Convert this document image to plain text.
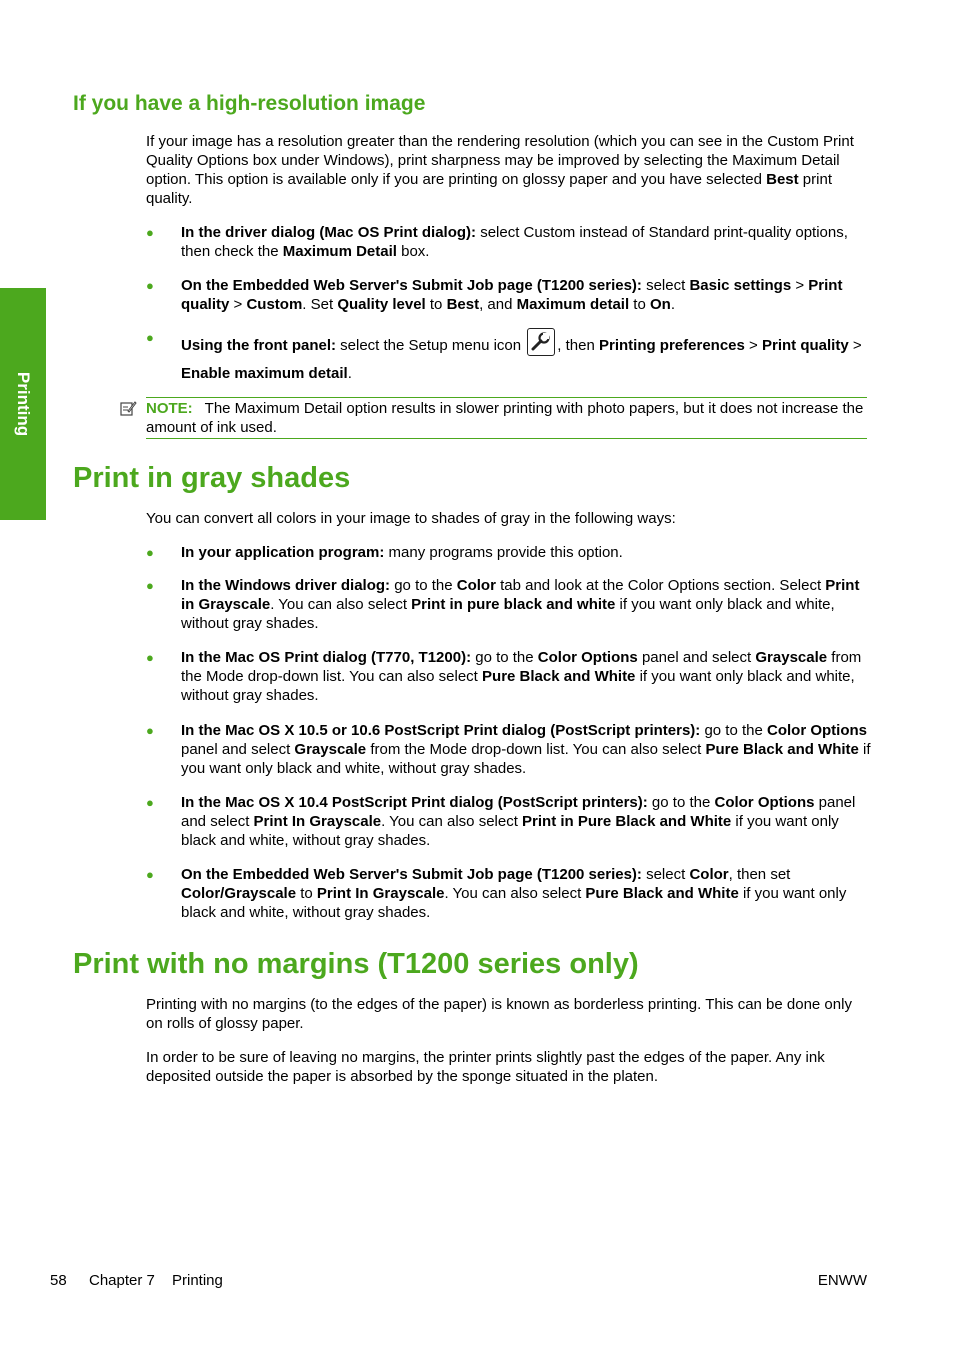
Printing
If you have a high-resolution image

If your image has a resolution greater than the rendering resolution (which you can see in the Custom Print Quality Options box under Windows), print sharpness may be improved by selecting the Maximum Detail option. This option is available only if you are printing on glossy paper and you have selected Best print quality.

● In the driver dialog (Mac OS Print dialog): select Custom instead of Standard print-quality options, then check the Maximum Detail box.

● On the Embedded Web Server's Submit Job page (T1200 series): select Basic settings > Print quality > Custom. Set Quality level to Best, and Maximum detail to On.

● Using the front panel: select the Setup menu icon , then Printing preferences > Print quality > Enable maximum detail.

NOTE: The Maximum Detail option results in slower printing with photo papers, but it does not increase the amount of ink used.

Print in gray shades

You can convert all colors in your image to shades of gray in the following ways:

● In your application program: many programs provide this option.

● In the Windows driver dialog: go to the Color tab and look at the Color Options section. Select Print in Grayscale. You can also select Print in pure black and white if you want only black and white, without gray shades.

● In the Mac OS Print dialog (T770, T1200): go to the Color Options panel and select Grayscale from the Mode drop-down list. You can also select Pure Black and White if you want only black and white, without gray shades.

● In the Mac OS X 10.5 or 10.6 PostScript Print dialog (PostScript printers): go to the Color Options panel and select Grayscale from the Mode drop-down list. You can also select Pure Black and White if you want only black and white, without gray shades.

● In the Mac OS X 10.4 PostScript Print dialog (PostScript printers): go to the Color Options panel and select Print In Grayscale. You can also select Print in Pure Black and White if you want only black and white, without gray shades.

● On the Embedded Web Server's Submit Job page (T1200 series): select Color, then set Color/Grayscale to Print In Grayscale. You can also select Pure Black and White if you want only black and white, without gray shades.

Print with no margins (T1200 series only)

Printing with no margins (to the edges of the paper) is known as borderless printing. This can be done only on rolls of glossy paper.

In order to be sure of leaving no margins, the printer prints slightly past the edges of the paper. Any ink deposited outside the paper is absorbed by the sponge situated in the platen.

58 Chapter 7 Printing	ENWW
